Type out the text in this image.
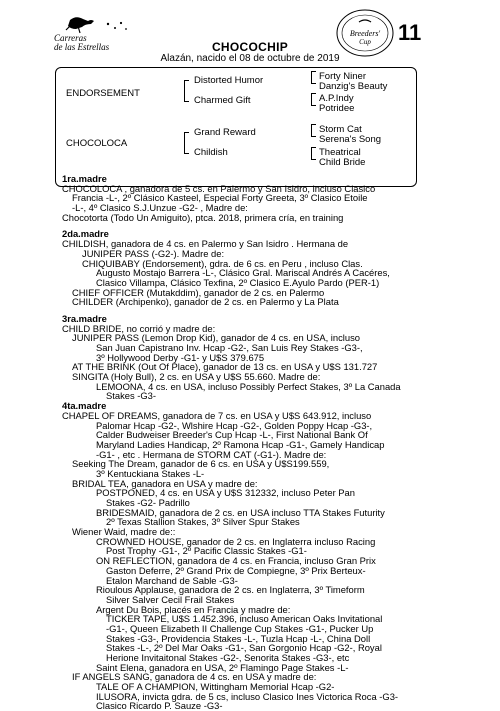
Carreras
de las Estrellas
Breeders'
Cup 11
CHOCOCHIP
Alazán, nacido el 08 de octubre de 2019
ENDORSEMENT
Distorted Humor
Charmed Gift
Forty Niner
Danzig's Beauty
A.P.Indy
Potridee
CHOCOLOCA
Grand Reward
Childish
Storm Cat
Serena's Song
Theatrical
Child Bride
1ra.madre
CHOCOLOCA , ganadora de 5 cs. en Palermo y San Isidro, incluso Clasico
Francia -L-, 2º Clásico Kasteel, Especial Forty Greeta, 3º Clasico Etoile
-L-, 4º Clasico S.J.Unzue -G2- , Madre de:
Chocotorta (Todo Un Amiguito), ptca. 2018, primera cría, en training
2da.madre
CHILDISH, ganadora de 4 cs. en Palermo y San Isidro . Hermana de
JUNIPER PASS (-G2-). Madre de:
CHIQUIBABY (Endorsement), gdra. de 6 cs. en Peru , incluso Clas.
Augusto Mostajo Barrera -L-, Clásico Gral. Mariscal Andrés A Cacéres,
Clasico Villampa, Clásico Texfina, 2º Clasico E.Ayulo Pardo (PER-1)
CHIEF OFFICER (Mutakddim), ganador de 2 cs. en Palermo
CHILDER (Archipenko), ganador de 2 cs. en Palermo y La Plata
3ra.madre
CHILD BRIDE, no corrió y madre de:
JUNIPER PASS (Lemon Drop Kid), ganador de 4 cs. en USA, incluso
San Juan Capistrano Inv. Hcap -G2-, San Luis Rey Stakes -G3-,
3º Hollywood Derby -G1- y U$S 379.675
AT THE BRINK (Out Of Place), ganador de 13 cs. en USA y U$S 131.727
SINGITA (Holy Bull), 2 cs. en USA y U$S 55.660. Madre de:
LEMOONA, 4 cs. en USA, incluso Possibly Perfect Stakes, 3º La Canada
Stakes -G3-
4ta.madre
CHAPEL OF DREAMS, ganadora de 7 cs. en USA y U$S 643.912, incluso
Palomar Hcap -G2-, Wlshire Hcap -G2-, Golden Poppy Hcap -G3-,
Calder Budweiser Breeder's Cup Hcap -L-, First National Bank Of
Maryland Ladies Handicap, 2º Ramona Hcap -G1-, Gamely Handicap
-G1- , etc . Hermana de STORM CAT (-G1-). Madre de:
Seeking The Dream, ganador de 6 cs. en USA y U$S199.559,
3º Kentuckiana Stakes -L-
BRIDAL TEA, ganadora en USA y madre de:
POSTPONED, 4 cs. en USA y U$S 312332, incluso Peter Pan
Stakes -G2- Padrillo
BRIDESMAID, ganadora de 2 cs. en USA incluso TTA Stakes Futurity
2º Texas Stallion Stakes, 3º Silver Spur Stakes
Wiener Waid, madre de::
CROWNED HOUSE, ganador de 2 cs. en Inglaterra incluso Racing
Post Trophy -G1-, 2º Pacific Classic Stakes -G1-
ON REFLECTION, ganadora de 4 cs. en Francia, incluso Gran Prix
Gaston Deferre, 2º Grand Prix de Compiegne, 3º Prix Berteux-
Etalon Marchand de Sable -G3-
Rioulous Applause, ganadora de 2 cs. en Inglaterra, 3º Timeform
Silver Salver Cecil Frail Stakes
Argent Du Bois, placés en Francia y madre de:
TICKER TAPE, U$S 1.452.396, incluso American Oaks Invitational
-G1-, Queen Elizabeth II Challenge Cup Stakes -G1-, Pucker Up
Stakes -G3-, Providencia Stakes -L-, Tuzla Hcap -L-, China Doll
Stakes -L-, 2º Del Mar Oaks -G1-, San Gorgonio Hcap -G2-, Royal
Herione Invitaitonal Stakes -G2-, Senorita Stakes -G3-, etc
Saint Elena, ganadora en USA, 2º Flamingo Page Stakes -L-
IF ANGELS SANG, ganadora de 4 cs. en USA y madre de:
TALE OF A CHAMPION, Wittingham Memorial Hcap -G2-
ILUSORA, invicta gdra. de 5 cs, incluso Clasico Ines Victorica Roca -G3-
Clasico Ricardo P. Sauze -G3-
